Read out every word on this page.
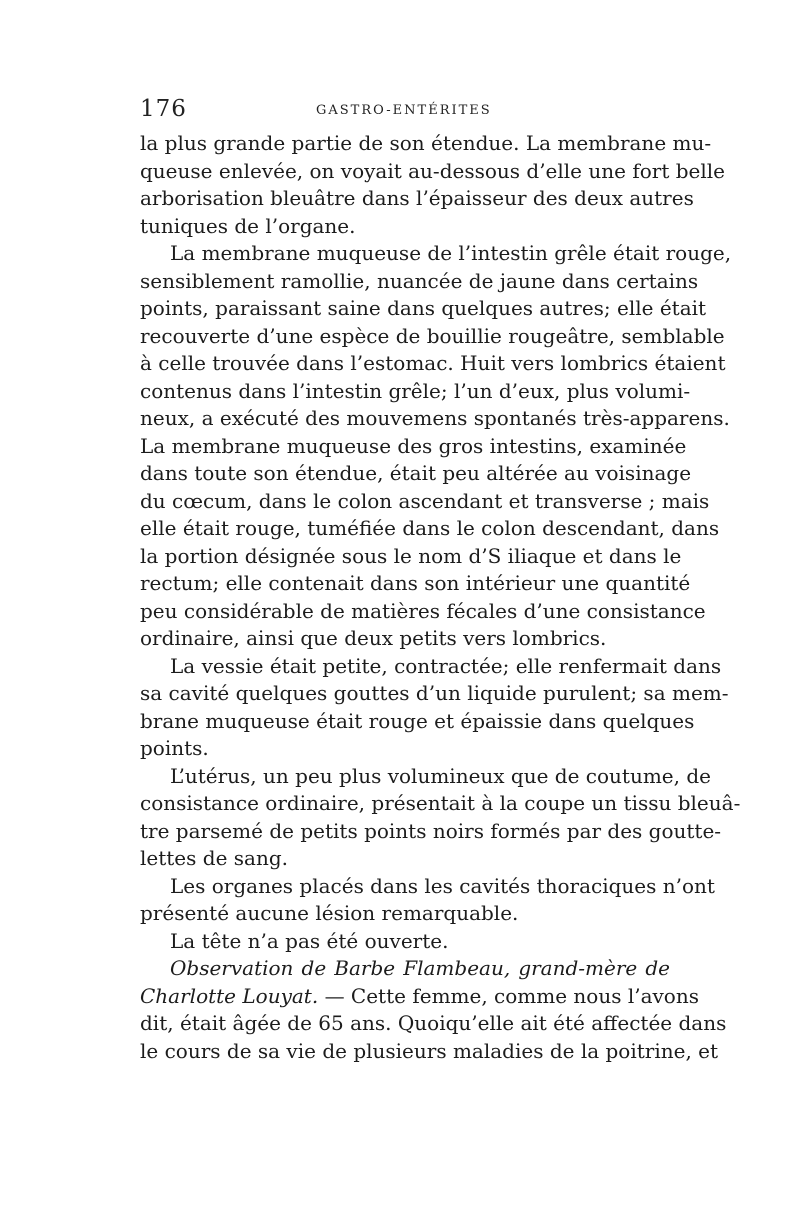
176	GASTRO-ENTÉRITES
la plus grande partie de son étendue. La membrane mu-
queuse enlevée, on voyait au-dessous d’elle une fort belle
arborisation bleuâtre dans l’épaisseur des deux autres
tuniques de l’organe.
La membrane muqueuse de l’intestin grêle était rouge,
sensiblement ramollie, nuancée de jaune dans certains
points, paraissant saine dans quelques autres; elle était
recouverte d’une espèce de bouillie rougeâtre, semblable
à celle trouvée dans l’estomac. Huit vers lombrics étaient
contenus dans l’intestin grêle; l’un d’eux, plus volumi-
neux, a exécuté des mouvemens spontanés très-apparens.
La membrane muqueuse des gros intestins, examinée
dans toute son étendue, était peu altérée au voisinage
du cœcum, dans le colon ascendant et transverse ; mais
elle était rouge, tuméfiée dans le colon descendant, dans
la portion désignée sous le nom d’S iliaque et dans le
rectum; elle contenait dans son intérieur une quantité
peu considérable de matières fécales d’une consistance
ordinaire, ainsi que deux petits vers lombrics.
La vessie était petite, contractée; elle renfermait dans
sa cavité quelques gouttes d’un liquide purulent; sa mem-
brane muqueuse était rouge et épaissie dans quelques
points.
L’utérus, un peu plus volumineux que de coutume, de
consistance ordinaire, présentait à la coupe un tissu bleuâ-
tre parsemé de petits points noirs formés par des goutte-
lettes de sang.
Les organes placés dans les cavités thoraciques n’ont
présenté aucune lésion remarquable.
La tête n’a pas été ouverte.
Observation de Barbe Flambeau, grand-mère de
Charlotte Louyat. — Cette femme, comme nous l’avons
dit, était âgée de 65 ans. Quoiqu’elle ait été affectée dans
le cours de sa vie de plusieurs maladies de la poitrine, et
